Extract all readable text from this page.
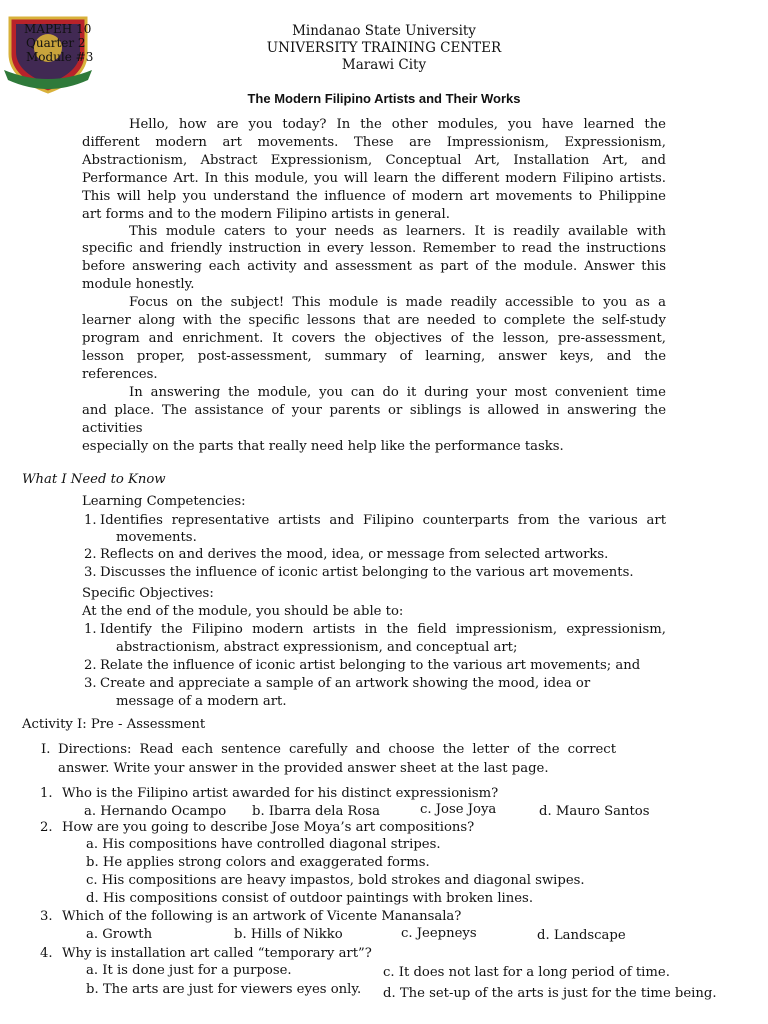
MAPEH 10
Quarter 2
Module #3
Mindanao State University
UNIVERSITY TRAINING CENTER
Marawi City
The Modern Filipino Artists and Their Works
Hello, how are you today? In the other modules, you have learned the
different modern art movements. These are Impressionism, Expressionism,
Abstractionism, Abstract Expressionism, Conceptual Art, Installation Art, and
Performance Art. In this module, you will learn the different modern Filipino artists.
This will help you understand the influence of modern art movements to Philippine
art forms and to the modern Filipino artists in general.
This module caters to your needs as learners. It is readily available with
specific and friendly instruction in every lesson. Remember to read the instructions
before answering each activity and assessment as part of the module. Answer this
module honestly.
Focus on the subject! This module is made readily accessible to you as a
learner along with the specific lessons that are needed to complete the self-study
program and enrichment. It covers the objectives of the lesson, pre-assessment,
lesson proper, post-assessment, summary of learning, answer keys, and the
references.
In answering the module, you can do it during your most convenient time
and place. The assistance of your parents or siblings is allowed in answering the
activities
especially on the parts that really need help like the performance tasks.
What I Need to Know
Learning Competencies:
1. Identifies representative artists and Filipino counterparts from the various art
movements.
2. Reflects on and derives the mood, idea, or message from selected artworks.
3. Discusses the influence of iconic artist belonging to the various art movements.
Specific Objectives:
At the end of the module, you should be able to:
1. Identify the Filipino modern artists in the field impressionism, expressionism,
abstractionism, abstract expressionism, and conceptual art;
2. Relate the influence of iconic artist belonging to the various art movements; and
3. Create and appreciate a sample of an artwork showing the mood, idea or
message of a modern art.
Activity I: Pre - Assessment
I. Directions: Read each sentence carefully and choose the letter of the correct
answer. Write your answer in the provided answer sheet at the last page.
1. Who is the Filipino artist awarded for his distinct expressionism?
a. Hernando Ocampo b. Ibarra dela Rosa	c. Jose Joya	d. Mauro Santos
2. How are you going to describe Jose Moya’s art compositions?
a. His compositions have controlled diagonal stripes.
b. He applies strong colors and exaggerated forms.
c. His compositions are heavy impastos, bold strokes and diagonal swipes.
d. His compositions consist of outdoor paintings with broken lines.
3. Which of the following is an artwork of Vicente Manansala?
a. Growth	b. Hills of Nikko	c. Jeepneys	d. Landscape
4. Why is installation art called “temporary art”?
a. It is done just for a purpose.
b. The arts are just for viewers eyes only.
c. It does not last for a long period of time.
d. The set-up of the arts is just for the time being.
